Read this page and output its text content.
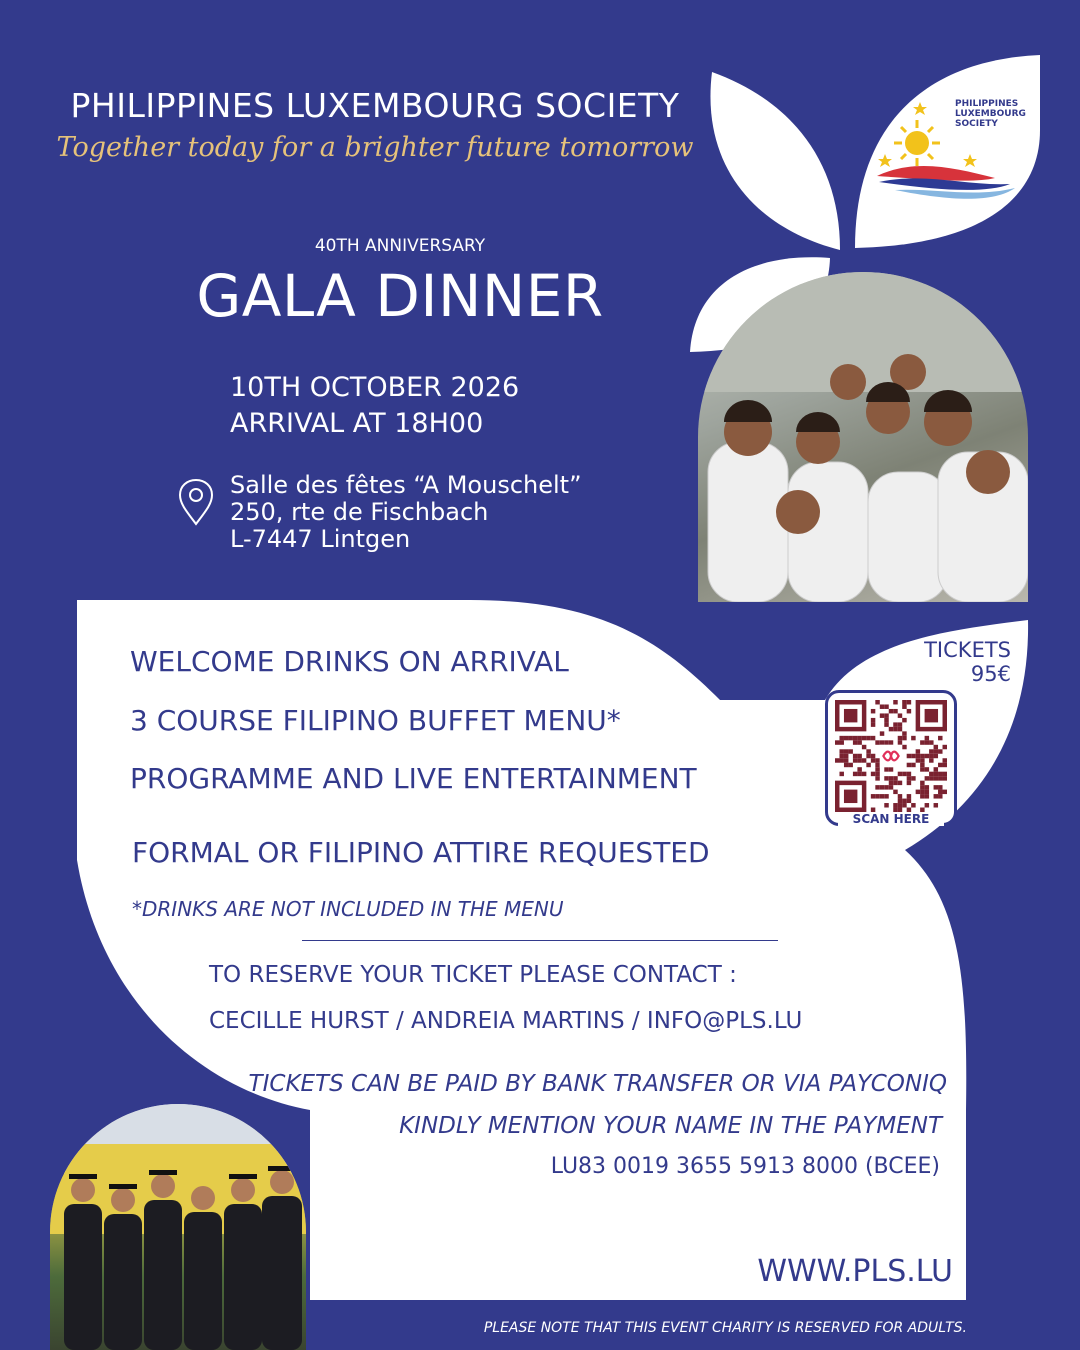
PHILIPPINES LUXEMBOURG SOCIETY
Together today for a brighter future tomorrow
PHILIPPINES
LUXEMBOURG
SOCIETY
40TH ANNIVERSARY
GALA DINNER
10TH OCTOBER 2026
ARRIVAL AT 18H00
Salle des fêtes “A Mouschelt”
250, rte de Fischbach
L-7447 Lintgen
WELCOME DRINKS ON ARRIVAL
3 COURSE FILIPINO BUFFET MENU*
PROGRAMME AND LIVE ENTERTAINMENT
FORMAL OR FILIPINO ATTIRE REQUESTED
*DRINKS ARE NOT INCLUDED IN THE MENU
TICKETS
95€
SCAN HERE
TO RESERVE YOUR TICKET PLEASE CONTACT :
CECILLE HURST / ANDREIA MARTINS / INFO@PLS.LU
TICKETS CAN BE PAID BY BANK TRANSFER OR VIA PAYCONIQ
KINDLY MENTION YOUR NAME IN THE PAYMENT
LU83 0019 3655 5913 8000 (BCEE)
WWW.PLS.LU
PLEASE NOTE THAT THIS EVENT CHARITY IS RESERVED FOR ADULTS.
